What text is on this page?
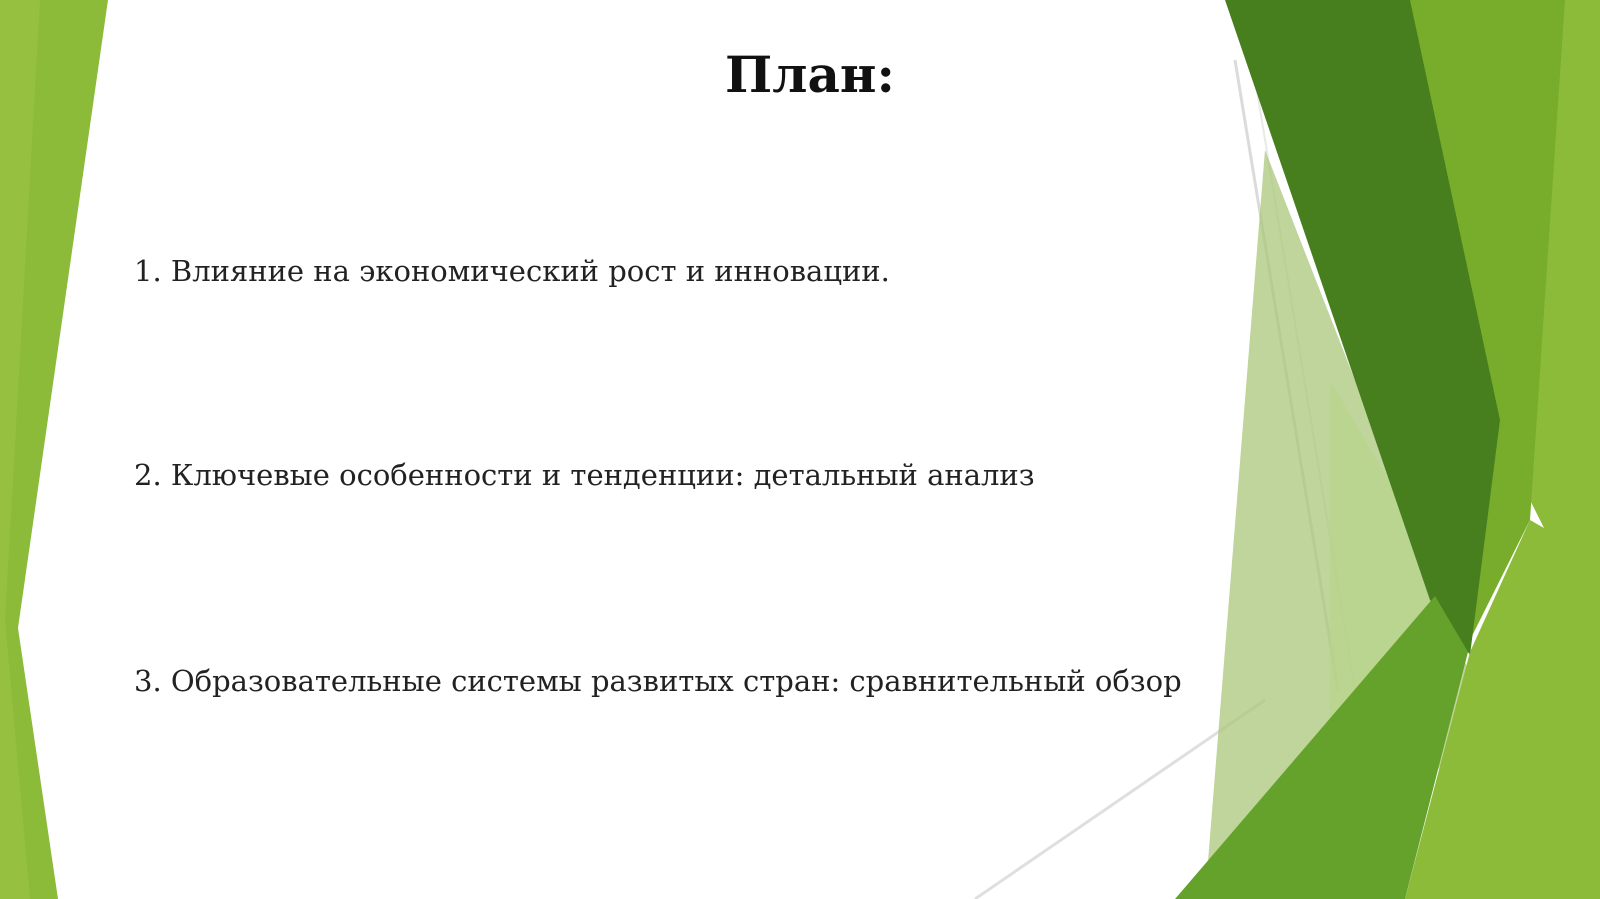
План:

1. Влияние на экономический рост и инновации.

2. Ключевые особенности и тенденции: детальный анализ

3. Образовательные системы развитых стран: сравнительный обзор
